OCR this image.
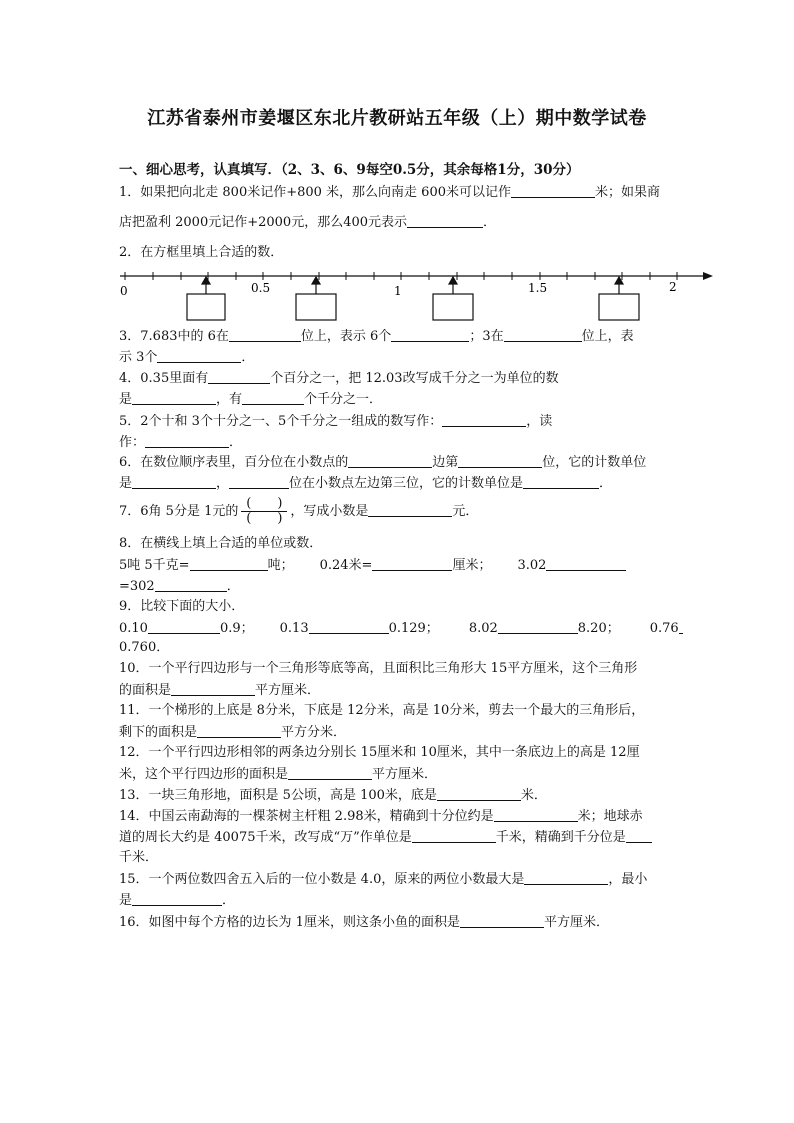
江苏省泰州市姜堰区东北片教研站五年级（上）期中数学试卷
一、细心思考，认真填写．（2、3、6、9每空0.5分，其余每格1分，30分）
1．如果把向北走 800米记作+800 米，那么向南走 600米可以记作	米；如果商
店把盈利 2000元记作+2000元，那么400元表示	．
2．在方框里填上合适的数．
0	0.5	1	1.5	2
3．7.683中的 6在	位上，表示 6个	；3在	位上，表
示 3个	．
4．0.35里面有	个百分之一，把 12.03改写成千分之一为单位的数
是	，有	个千分之一．
5．2个十和 3个十分之一、5个千分之一组成的数写作：	，读
作：	．
6．在数位顺序表里，百分位在小数点的	边第	位，它的计数单位
是	，	位在小数点左边第三位，它的计数单位是	．
7．6角 5分是 1元的 $\frac{( )}{( )}$ ，写成小数是	元．
8．在横线上填上合适的单位或数．
5吨 5千克=	吨； 0.24米=	厘米； 3.02
=302	．
9．比较下面的大小．
0.10	0.9； 0.13	0.129； 8.02	8.20； 0.76
0.760．
10．一个平行四边形与一个三角形等底等高，且面积比三角形大 15平方厘米，这个三角形
的面积是	平方厘米．
11．一个梯形的上底是 8分米，下底是 12分米，高是 10分米，剪去一个最大的三角形后，
剩下的面积是	平方分米．
12．一个平行四边形相邻的两条边分别长 15厘米和 10厘米，其中一条底边上的高是 12厘
米，这个平行四边形的面积是	平方厘米．
13．一块三角形地，面积是 5公顷，高是 100米，底是	米．
14．中国云南勐海的一棵茶树主杆粗 2.98米，精确到十分位约是	米；地球赤
道的周长大约是 40075千米，改写成“万”作单位是	千米，精确到千分位是
千米．
15．一个两位数四舍五入后的一位小数是 4.0，原来的两位小数最大是	，最小
是	．
16．如图中每个方格的边长为 1厘米，则这条小鱼的面积是	平方厘米．
